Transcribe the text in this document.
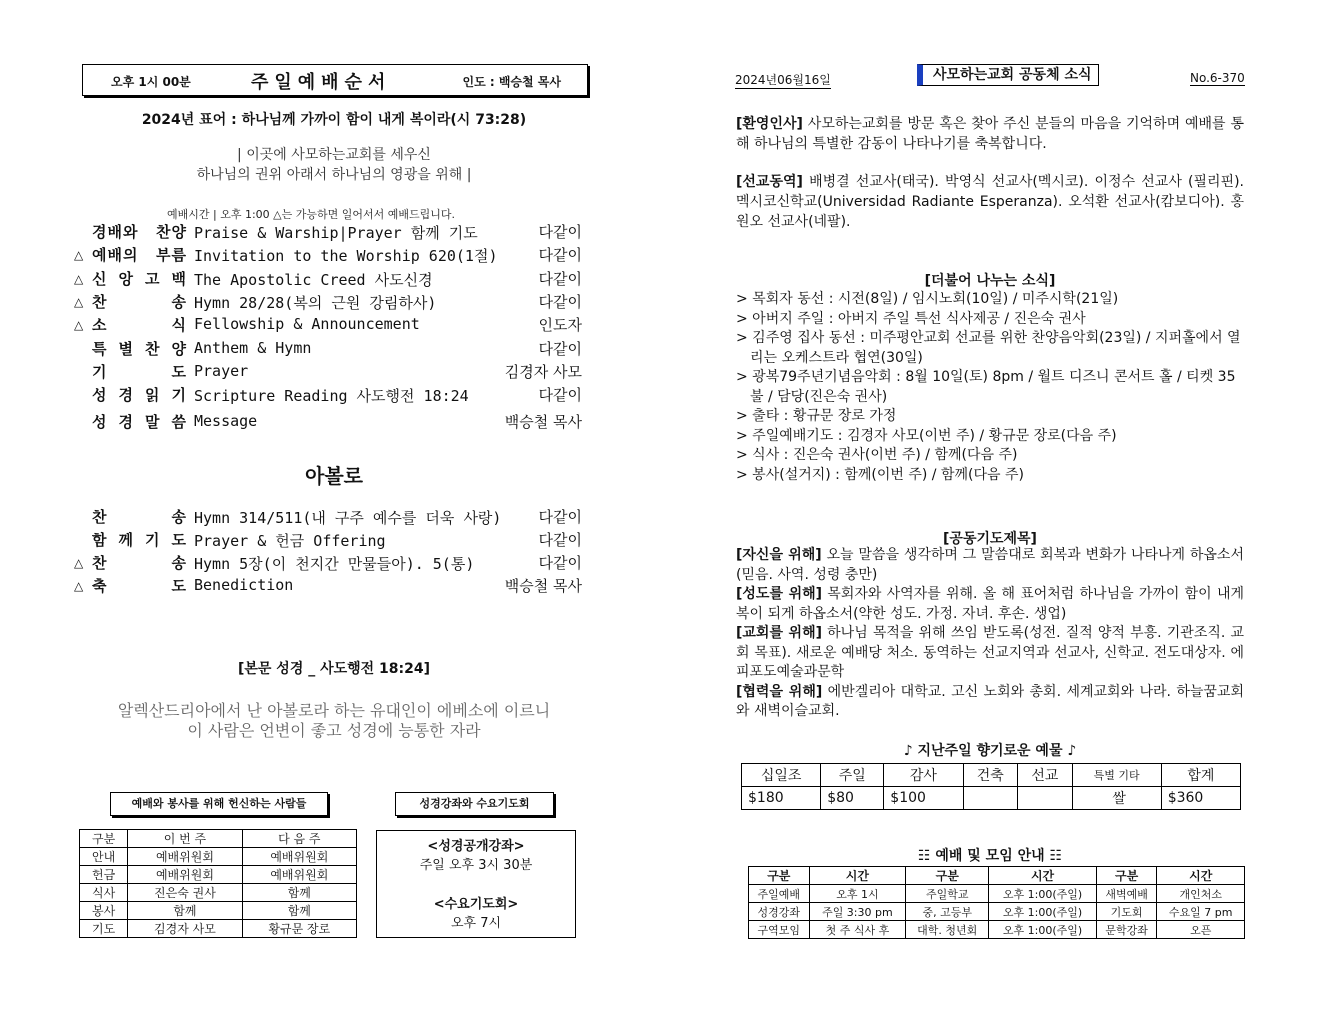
오후 1시 00분	주일예배순서	인도 : 백승철 목사
2024년 표어 : 하나님께 가까이 함이 내게 복이라(시 73:28)
| 이곳에 사모하는교회를 세우신
하나님의 권위 아래서 하나님의 영광을 위해 |
예배시간 | 오후 1:00 △는 가능하면 일어서서 예배드립니다.
경배와 찬양 Praise & Warship|Prayer 함께 기도	다같이
△ 예배의 부름 Invitation to the Worship 620(1절)	다같이
△ 신 앙 고 백 The Apostolic Creed 사도신경	다같이
△ 찬 송 Hymn 28/28(복의 근원 강림하사)	다같이
△ 소 식 Fellowship & Announcement	인도자
특 별 찬 양 Anthem & Hymn	다같이
기 도 Prayer	김경자 사모
성 경 읽 기 Scripture Reading 사도행전 18:24	다같이
성 경 말 씀 Message	백승철 목사
아볼로
찬 송 Hymn 314/511(내 구주 예수를 더욱 사랑) 다같이
함 께 기 도 Prayer & 헌금 Offering	다같이
△ 찬 송 Hymn 5장(이 천지간 만물들아). 5(통)	다같이
△ 축 도 Benediction	백승철 목사
[본문 성경 _ 사도행전 18:24]
알렉산드리아에서 난 아볼로라 하는 유대인이 에베소에 이르니
이 사람은 언변이 좋고 성경에 능통한 자라
예배와 봉사를 위해 헌신하는 사람들	성경강좌와 수요기도회
구분	이 번 주	다 음 주
안내	예배위원회	예배위원회
헌금	예배위원회	예배위원회
식사	진은숙 권사	함께
봉사	함께	함께
기도	김경자 사모	황규문 장로
<성경공개강좌>
주일 오후 3시 30분
<수요기도회>
오후 7시
2024년06월16일	사모하는교회 공동체 소식	No.6-370
[환영인사] 사모하는교회를 방문 혹은 찾아 주신 분들의 마음을 기억하며 예배를 통해 하나님의 특별한 감동이 나타나기를 축복합니다.
[선교동역] 배병결 선교사(태국). 박영식 선교사(멕시코). 이정수 선교사 (필리핀). 멕시코신학교(Universidad Radiante Esperanza). 오석환 선교사(캄보디아). 홍원오 선교사(네팔).
[더불어 나누는 소식]
> 목회자 동선 : 시전(8일) / 임시노회(10일) / 미주시학(21일)
> 아버지 주일 : 아버지 주일 특선 식사제공 / 진은숙 권사
> 김주영 집사 동선 : 미주평안교회 선교를 위한 찬양음악회(23일) / 지퍼홀에서 열리는 오케스트라 협연(30일)
> 광복79주년기념음악회 : 8월 10일(토) 8pm / 월트 디즈니 콘서트 홀 / 티켓 35불 / 담당(진은숙 권사)
> 출타 : 황규문 장로 가정
> 주일예배기도 : 김경자 사모(이번 주) / 황규문 장로(다음 주)
> 식사 : 진은숙 권사(이번 주) / 함께(다음 주)
> 봉사(설거지) : 함께(이번 주) / 함께(다음 주)
[공동기도제목]
[자신을 위해] 오늘 말씀을 생각하며 그 말씀대로 회복과 변화가 나타나게 하옵소서(믿음. 사역. 성령 충만)
[성도를 위해] 목회자와 사역자를 위해. 올 해 표어처럼 하나님을 가까이 함이 내게 복이 되게 하옵소서(약한 성도. 가정. 자녀. 후손. 생업)
[교회를 위해] 하나님 목적을 위해 쓰임 받도록(성전. 질적 양적 부흥. 기관조직. 교회 목표). 새로운 예배당 처소. 동역하는 선교지역과 선교사, 신학교. 전도대상자. 에피포도예술과문학
[협력을 위해] 에반겔리아 대학교. 고신 노회와 총회. 세계교회와 나라. 하늘꿈교회와 새벽이슬교회.
♪ 지난주일 향기로운 예물 ♪
십일조	주일	감사	건축	선교	특별 기타	합계
$180	$80	$100			쌀	$360
☷ 예배 및 모임 안내 ☷
구분	시간	구분	시간	구분	시간
주일예배	오후 1시	주일학교	오후 1:00(주일)	새벽예배	개인처소
성경강좌	주일 3:30 pm	중, 고등부	오후 1:00(주일)	기도회	수요일 7 pm
구역모임	첫 주 식사 후	대학. 청년회	오후 1:00(주일)	문학강좌	오픈
